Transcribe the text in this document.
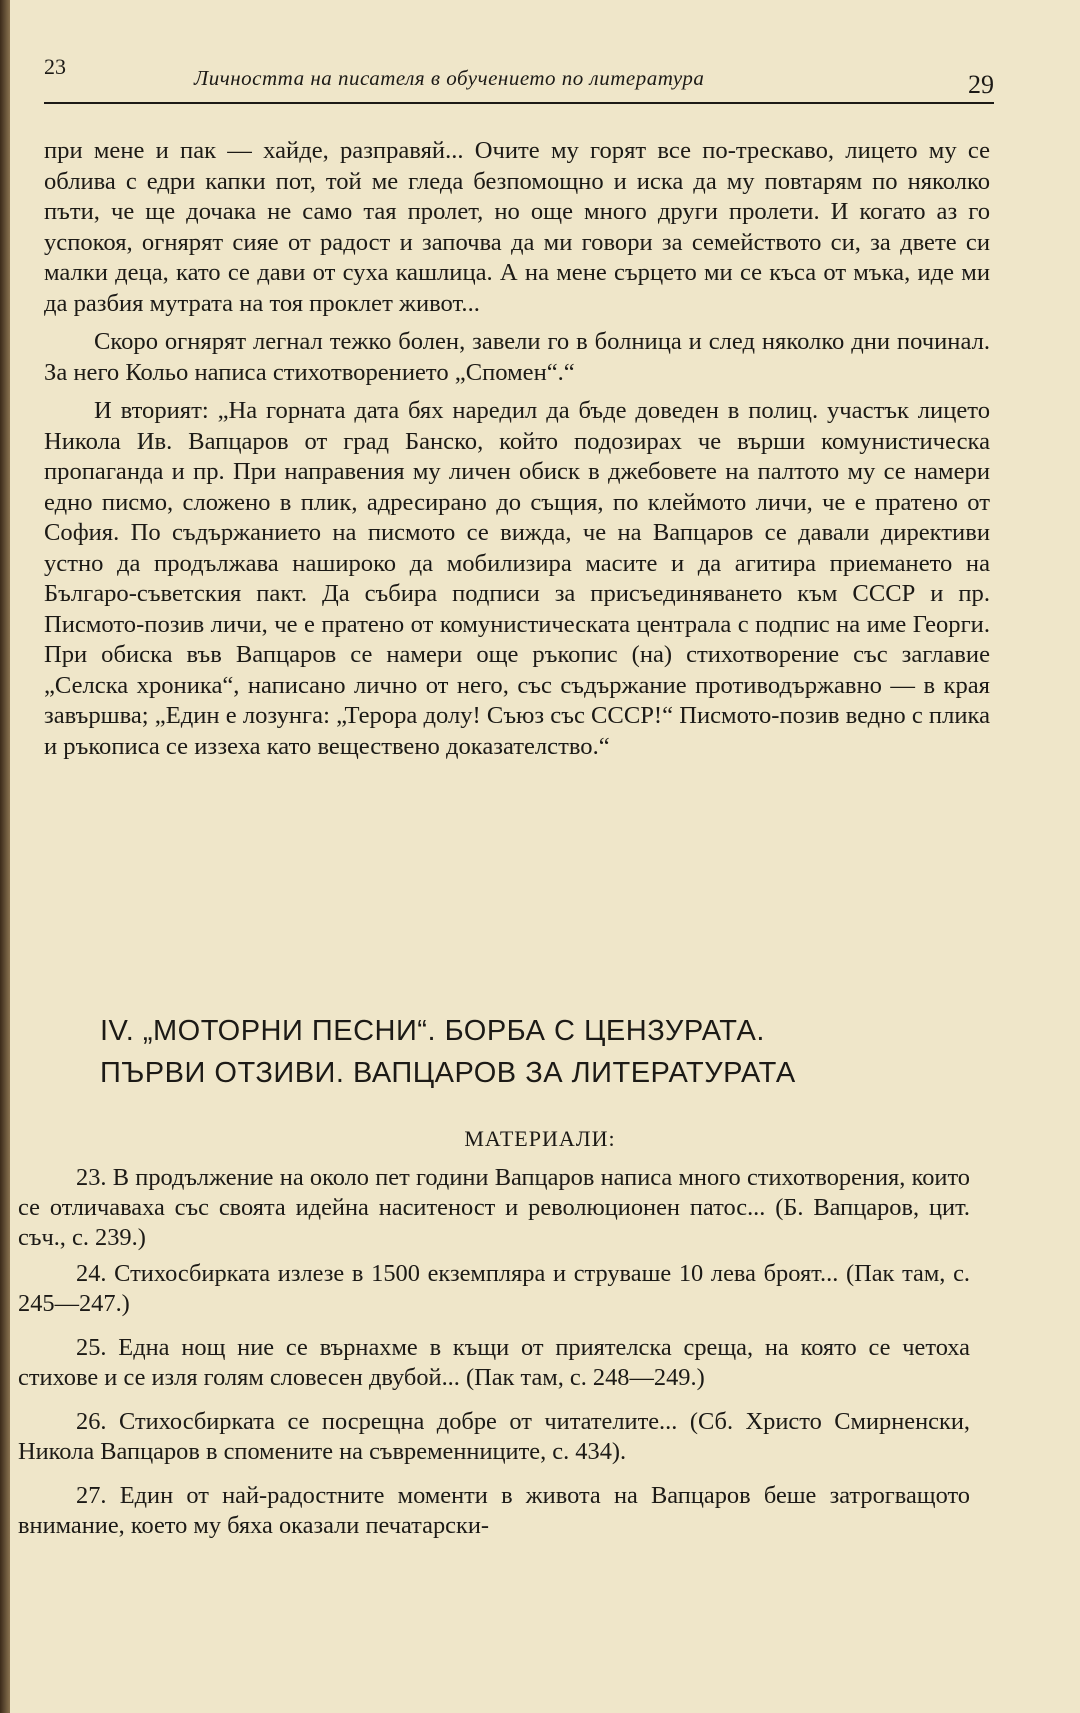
23	Личността на писателя в обучението по литература	29

при мене и пак — хайде, разправяй... Очите му горят все по-трескаво, лицето му се облива с едри капки пот, той ме гледа безпомощно и иска да му повтарям по няколко пъти, че ще дочака не само тая пролет, но още много други пролети. И когато аз го успокоя, огнярят сияе от радост и започва да ми говори за семейството си, за двете си малки деца, като се дави от суха кашлица. А на мене сърцето ми се къса от мъка, иде ми да разбия мутрата на тоя проклет живот...

Скоро огнярят легнал тежко болен, завели го в болница и след няколко дни починал. За него Кольо написа стихотворението „Спомен“.“

И вторият: „На горната дата бях наредил да бъде доведен в полиц. участък лицето Никола Ив. Вапцаров от град Банско, който подозирах че върши комунистическа пропаганда и пр. При направения му личен обиск в джебовете на палтото му се намери едно писмо, сложено в плик, адресирано до същия, по клеймото личи, че е пратено от София. По съдържанието на писмото се вижда, че на Вапцаров се давали директиви устно да продължава нашироко да мобилизира масите и да агитира приемането на Българо-съветския пакт. Да събира подписи за присъединяването към СССР и пр. Писмото-позив личи, че е пратено от комунистическата централа с подпис на име Георги. При обиска във Вапцаров се намери още ръкопис (на) стихотворение със заглавие „Селска хроника“, написано лично от него, със съдържание противодържавно — в края завършва; „Един е лозунга: „Терора долу! Съюз със СССР!“ Писмото-позив ведно с плика и ръкописа се иззеха като веществено доказателство.“

IV. „МОТОРНИ ПЕСНИ“. БОРБА С ЦЕНЗУРАТА.
ПЪРВИ ОТЗИВИ. ВАПЦАРОВ ЗА ЛИТЕРАТУРАТА
МАТЕРИАЛИ:

23. В продължение на около пет години Вапцаров написа много стихотворения, които се отличаваха със своята идейна наситеност и революционен патос... (Б. Вапцаров, цит. съч., с. 239.)

24. Стихосбирката излезе в 1500 екземпляра и струваше 10 лева броят... (Пак там, с. 245—247.)

25. Една нощ ние се върнахме в къщи от приятелска среща, на която се четоха стихове и се изля голям словесен двубой... (Пак там, с. 248—249.)

26. Стихосбирката се посрещна добре от читателите... (Сб. Христо Смирненски, Никола Вапцаров в спомените на съвременниците, с. 434).

27. Един от най-радостните моменти в живота на Вапцаров беше затрогващото внимание, което му бяха оказали печатарски-
